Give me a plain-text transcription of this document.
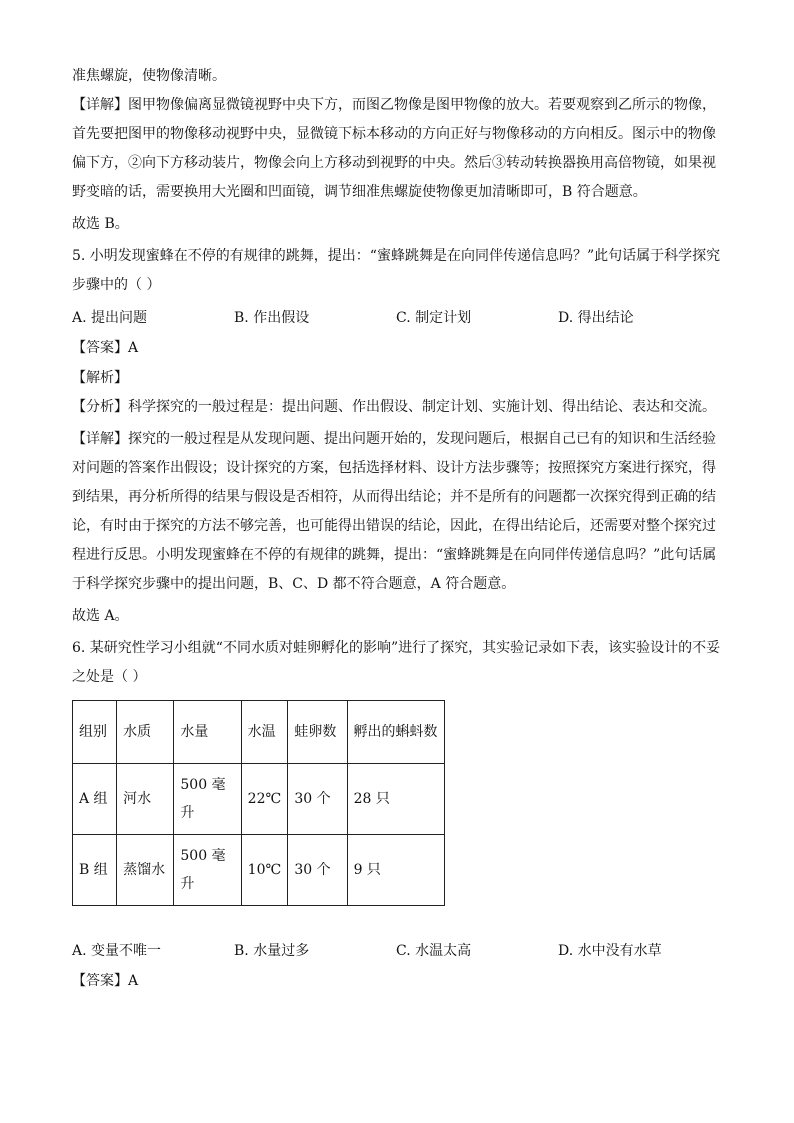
准焦螺旋，使物像清晰。

【详解】图甲物像偏离显微镜视野中央下方，而图乙物像是图甲物像的放大。若要观察到乙所示的物像，首先要把图甲的物像移动视野中央，显微镜下标本移动的方向正好与物像移动的方向相反。图示中的物像偏下方，②向下方移动装片，物像会向上方移动到视野的中央。然后③转动转换器换用高倍物镜，如果视野变暗的话，需要换用大光圈和凹面镜，调节细准焦螺旋使物像更加清晰即可，B 符合题意。

故选 B。

5. 小明发现蜜蜂在不停的有规律的跳舞，提出：“蜜蜂跳舞是在向同伴传递信息吗？”此句话属于科学探究步骤中的（ ）

A. 提出问题	B. 作出假设	C. 制定计划	D. 得出结论

【答案】A

【解析】

【分析】科学探究的一般过程是：提出问题、作出假设、制定计划、实施计划、得出结论、表达和交流。

【详解】探究的一般过程是从发现问题、提出问题开始的，发现问题后，根据自己已有的知识和生活经验对问题的答案作出假设；设计探究的方案，包括选择材料、设计方法步骤等；按照探究方案进行探究，得到结果，再分析所得的结果与假设是否相符，从而得出结论；并不是所有的问题都一次探究得到正确的结论，有时由于探究的方法不够完善，也可能得出错误的结论，因此，在得出结论后，还需要对整个探究过程进行反思。小明发现蜜蜂在不停的有规律的跳舞，提出：“蜜蜂跳舞是在向同伴传递信息吗？”此句话属于科学探究步骤中的提出问题，B、C、D 都不符合题意，A 符合题意。

故选 A。

6. 某研究性学习小组就“不同水质对蛙卵孵化的影响”进行了探究，其实验记录如下表，该实验设计的不妥之处是（ ）

组别	水质	水量	水温	蛙卵数	孵出的蝌蚪数
A 组	河水	500 毫升	22℃	30 个	28 只
B 组	蒸馏水	500 毫升	10℃	30 个	9 只
A. 变量不唯一	B. 水量过多	C. 水温太高	D. 水中没有水草

【答案】A
